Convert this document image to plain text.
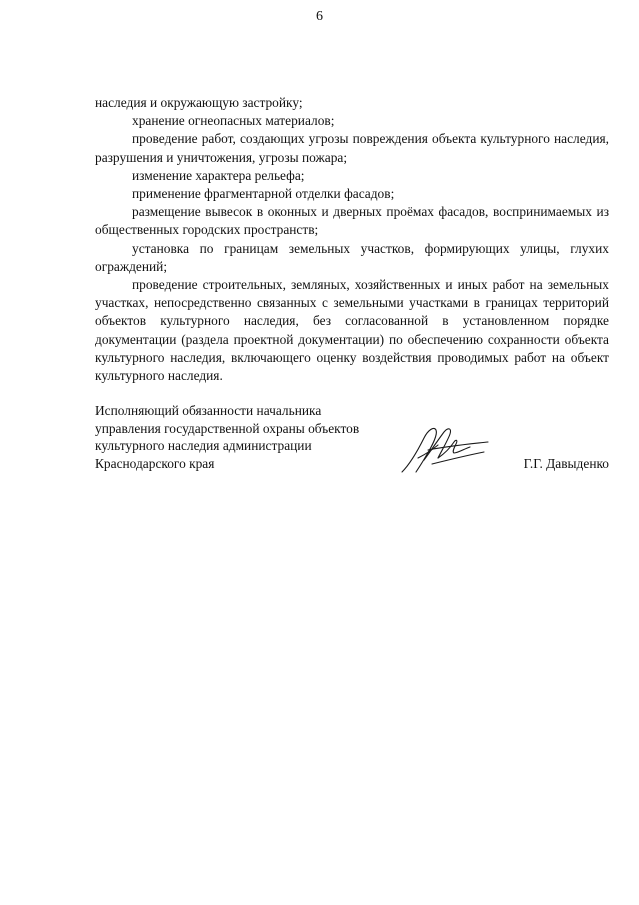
6

наследия и окружающую застройку;

хранение огнеопасных материалов;

проведение работ, создающих угрозы повреждения объекта культурного наследия, разрушения и уничтожения, угрозы пожара;

изменение характера рельефа;

применение фрагментарной отделки фасадов;

размещение вывесок в оконных и дверных проёмах фасадов, воспринимаемых из общественных городских пространств;

установка по границам земельных участков, формирующих улицы, глухих ограждений;

проведение строительных, земляных, хозяйственных и иных работ на земельных участках, непосредственно связанных с земельными участками в границах территорий объектов культурного наследия, без согласованной в установленном порядке документации (раздела проектной документации) по обеспечению сохранности объекта культурного наследия, включающего оценку воздействия проводимых работ на объект культурного наследия.

Исполняющий обязанности начальника
управления государственной охраны объектов
культурного наследия администрации
Краснодарского края	Г.Г. Давыденко
